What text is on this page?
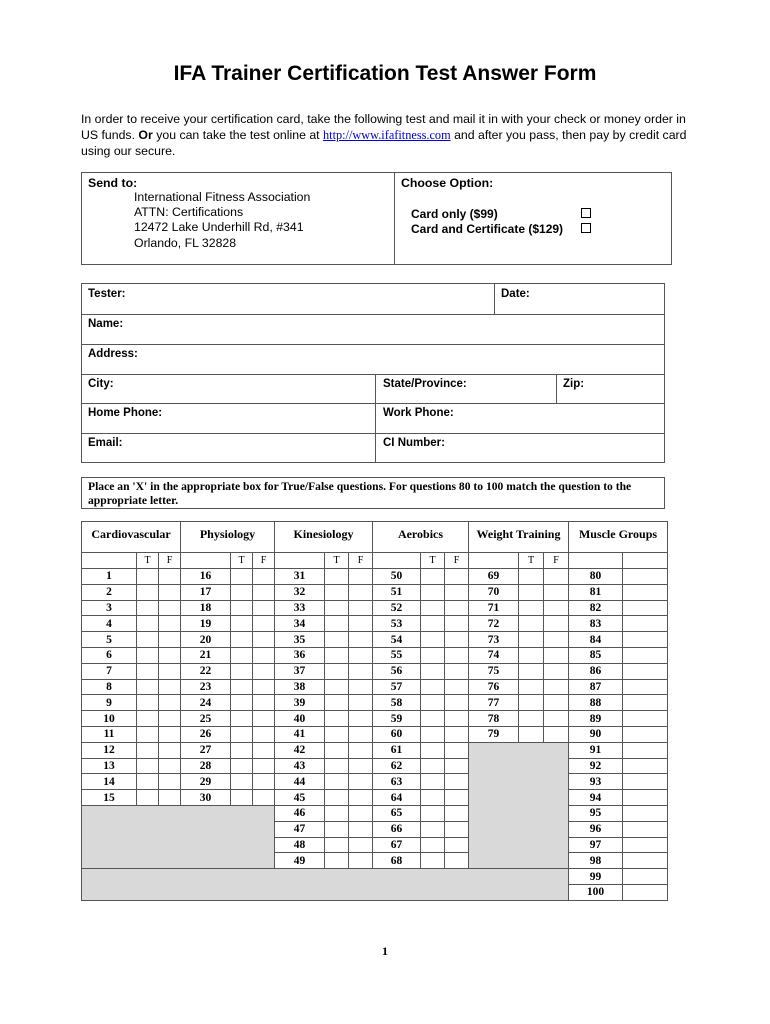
IFA Trainer Certification Test Answer Form
In order to receive your certification card, take the following test and mail it in with your check or money order in US funds. Or you can take the test online at http://www.ifafitness.com and after you pass, then pay by credit card using our secure.
Send to:
International Fitness Association
ATTN: Certifications
12472 Lake Underhill Rd, #341
Orlando, FL 32828
Choose Option:
Card only ($99)
Card and Certificate ($129)
Tester:	Date:
Name:
Address:
City:	State/Province:	Zip:
Home Phone:	Work Phone:
Email:	CI Number:
Place an 'X' in the appropriate box for True/False questions. For questions 80 to 100 match the question to the appropriate letter.
Cardiovascular			Physiology			Kinesiology			Aerobics			Weight Training			Muscle Groups	
	T	F		T	F		T	F		T	F		T	F		
1			16			31			50			69			80	
2			17			32			51			70			81	
3			18			33			52			71			82	
4			19			34			53			72			83	
5			20			35			54			73			84	
6			21			36			55			74			85	
7			22			37			56			75			86	
8			23			38			57			76			87	
9			24			39			58			77			88	
10			25			40			59			78			89	
11			26			41			60			79			90	
12			27			42			61						91	
13			28			43			62						92	
14			29			44			63						93	
15			30			45			64						94	
						46			65						95	
						47			66						96	
						48			67						97	
						49			68						98	
															99	
															100	
1
